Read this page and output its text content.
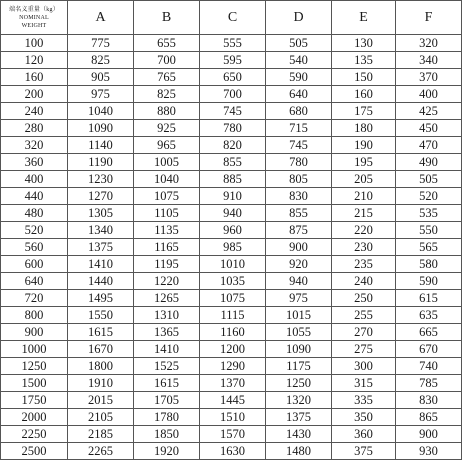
端名义重量（kg）
NOMINAL
WEIGHT	A	B	C	D	E	F
100	775	655	555	505	130	320
120	825	700	595	540	135	340
160	905	765	650	590	150	370
200	975	825	700	640	160	400
240	1040	880	745	680	175	425
280	1090	925	780	715	180	450
320	1140	965	820	745	190	470
360	1190	1005	855	780	195	490
400	1230	1040	885	805	205	505
440	1270	1075	910	830	210	520
480	1305	1105	940	855	215	535
520	1340	1135	960	875	220	550
560	1375	1165	985	900	230	565
600	1410	1195	1010	920	235	580
640	1440	1220	1035	940	240	590
720	1495	1265	1075	975	250	615
800	1550	1310	1115	1015	255	635
900	1615	1365	1160	1055	270	665
1000	1670	1410	1200	1090	275	670
1250	1800	1525	1290	1175	300	740
1500	1910	1615	1370	1250	315	785
1750	2015	1705	1445	1320	335	830
2000	2105	1780	1510	1375	350	865
2250	2185	1850	1570	1430	360	900
2500	2265	1920	1630	1480	375	930
